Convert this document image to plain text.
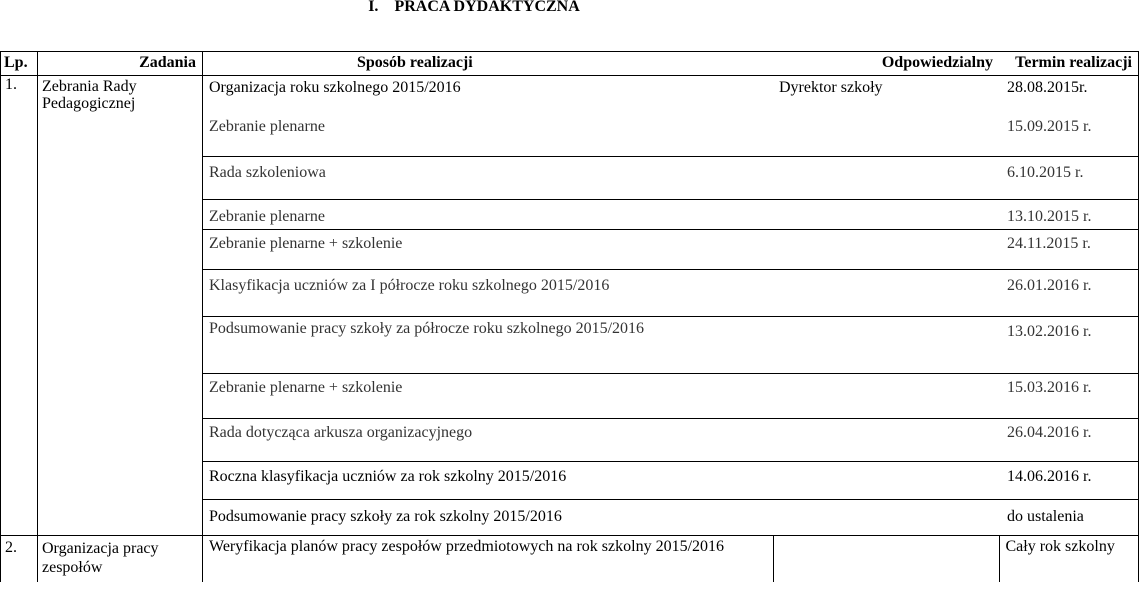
I. PRACA DYDAKTYCZNA
Lp.	Zadania	Sposób realizacji	Odpowiedzialny	Termin realizacji
1.	Zebrania Rady Pedagogicznej	Organizacja roku szkolnego 2015/2016	Dyrektor szkoły	28.08.2015r.
		Zebranie plenarne		15.09.2015 r.
		Rada szkoleniowa		6.10.2015 r.
		Zebranie plenarne		13.10.2015 r.
		Zebranie plenarne + szkolenie		24.11.2015 r.
		Klasyfikacja uczniów za I półrocze roku szkolnego 2015/2016		26.01.2016 r.
		Podsumowanie pracy szkoły za półrocze roku szkolnego 2015/2016		13.02.2016 r.
		Zebranie plenarne + szkolenie		15.03.2016 r.
		Rada dotycząca arkusza organizacyjnego		26.04.2016 r.
		Roczna klasyfikacja uczniów za rok szkolny 2015/2016		14.06.2016 r.
		Podsumowanie pracy szkoły za rok szkolny 2015/2016		do ustalenia
2.	Organizacja pracy zespołów	Weryfikacja planów pracy zespołów przedmiotowych na rok szkolny 2015/2016		Cały rok szkolny
